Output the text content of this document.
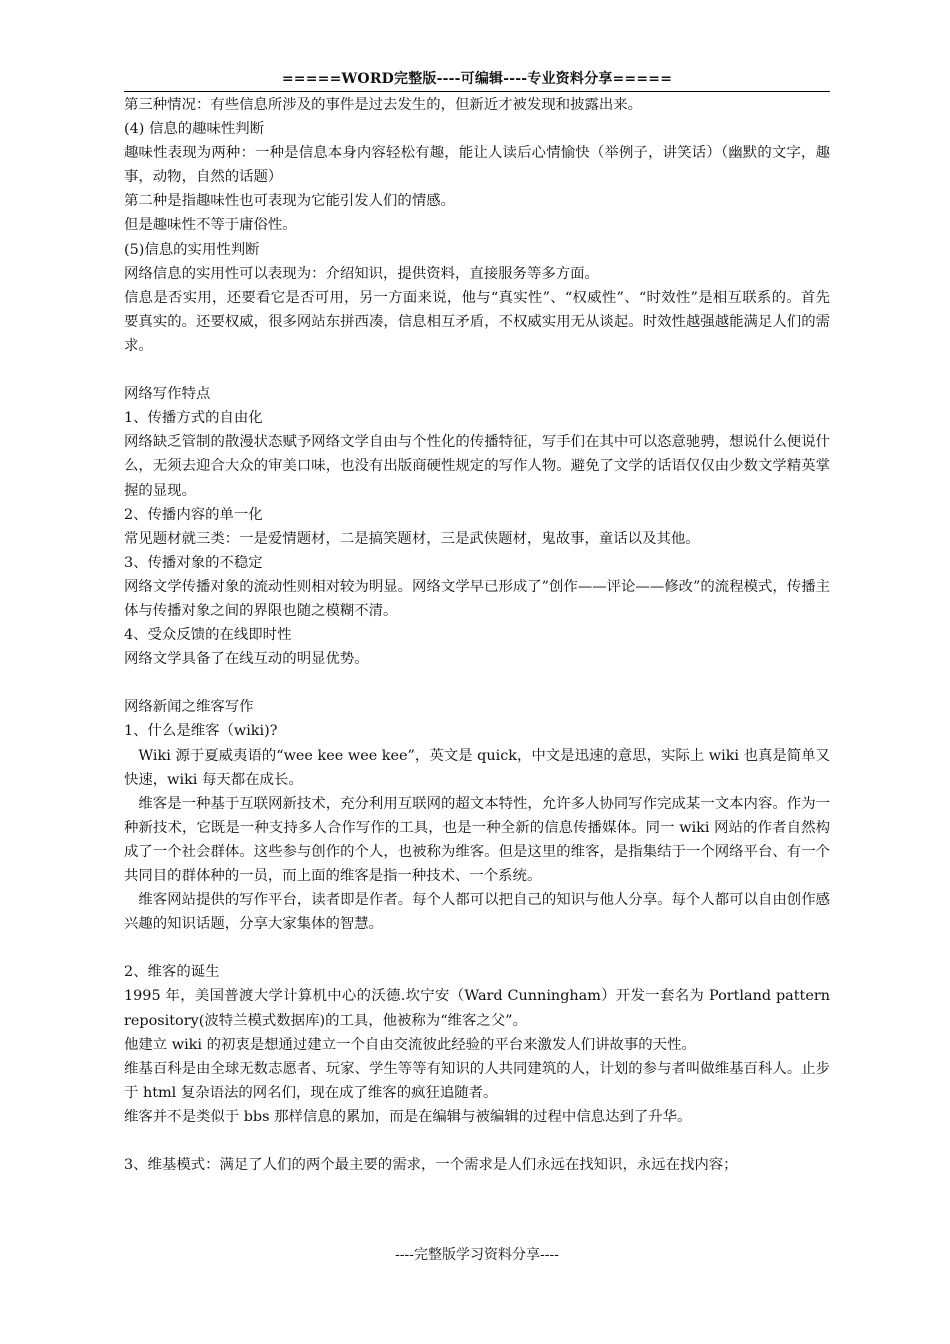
=====WORD完整版----可编辑----专业资料分享=====

第三种情况：有些信息所涉及的事件是过去发生的，但新近才被发现和披露出来。

(4) 信息的趣味性判断

趣味性表现为两种：一种是信息本身内容轻松有趣，能让人读后心情愉快（举例子，讲笑话）（幽默的文字，趣事，动物，自然的话题）

第二种是指趣味性也可表现为它能引发人们的情感。

但是趣味性不等于庸俗性。

(5)信息的实用性判断

网络信息的实用性可以表现为：介绍知识，提供资料，直接服务等多方面。

信息是否实用，还要看它是否可用，另一方面来说，他与“真实性”、“权威性”、“时效性”是相互联系的。首先要真实的。还要权威，很多网站东拼西凑，信息相互矛盾，不权威实用无从谈起。时效性越强越能满足人们的需求。

网络写作特点

1、传播方式的自由化

网络缺乏管制的散漫状态赋予网络文学自由与个性化的传播特征，写手们在其中可以恣意驰骋，想说什么便说什么，无须去迎合大众的审美口味，也没有出版商硬性规定的写作人物。避免了文学的话语仅仅由少数文学精英掌握的显现。

2、传播内容的单一化

常见题材就三类：一是爱情题材，二是搞笑题材，三是武侠题材，鬼故事，童话以及其他。

3、传播对象的不稳定

网络文学传播对象的流动性则相对较为明显。网络文学早已形成了”创作——评论——修改”的流程模式，传播主体与传播对象之间的界限也随之模糊不清。

4、受众反馈的在线即时性

网络文学具备了在线互动的明显优势。

网络新闻之维客写作

1、什么是维客（wiki)?

Wiki 源于夏威夷语的“wee kee wee kee”，英文是 quick，中文是迅速的意思，实际上 wiki 也真是简单又快速，wiki 每天都在成长。

维客是一种基于互联网新技术，充分利用互联网的超文本特性，允许多人协同写作完成某一文本内容。作为一种新技术，它既是一种支持多人合作写作的工具，也是一种全新的信息传播媒体。同一 wiki 网站的作者自然构成了一个社会群体。这些参与创作的个人，也被称为维客。但是这里的维客，是指集结于一个网络平台、有一个共同目的群体种的一员，而上面的维客是指一种技术、一个系统。

维客网站提供的写作平台，读者即是作者。每个人都可以把自己的知识与他人分享。每个人都可以自由创作感兴趣的知识话题，分享大家集体的智慧。

2、维客的诞生

1995 年，美国普渡大学计算机中心的沃德.坎宁安（Ward Cunningham）开发一套名为 Portland pattern repository(波特兰模式数据库)的工具，他被称为“维客之父”。

他建立 wiki 的初衷是想通过建立一个自由交流彼此经验的平台来激发人们讲故事的天性。

维基百科是由全球无数志愿者、玩家、学生等等有知识的人共同建筑的人，计划的参与者叫做维基百科人。止步于 html 复杂语法的网名们，现在成了维客的疯狂追随者。

维客并不是类似于 bbs 那样信息的累加，而是在编辑与被编辑的过程中信息达到了升华。

3、维基模式：满足了人们的两个最主要的需求，一个需求是人们永远在找知识，永远在找内容；

----完整版学习资料分享----
